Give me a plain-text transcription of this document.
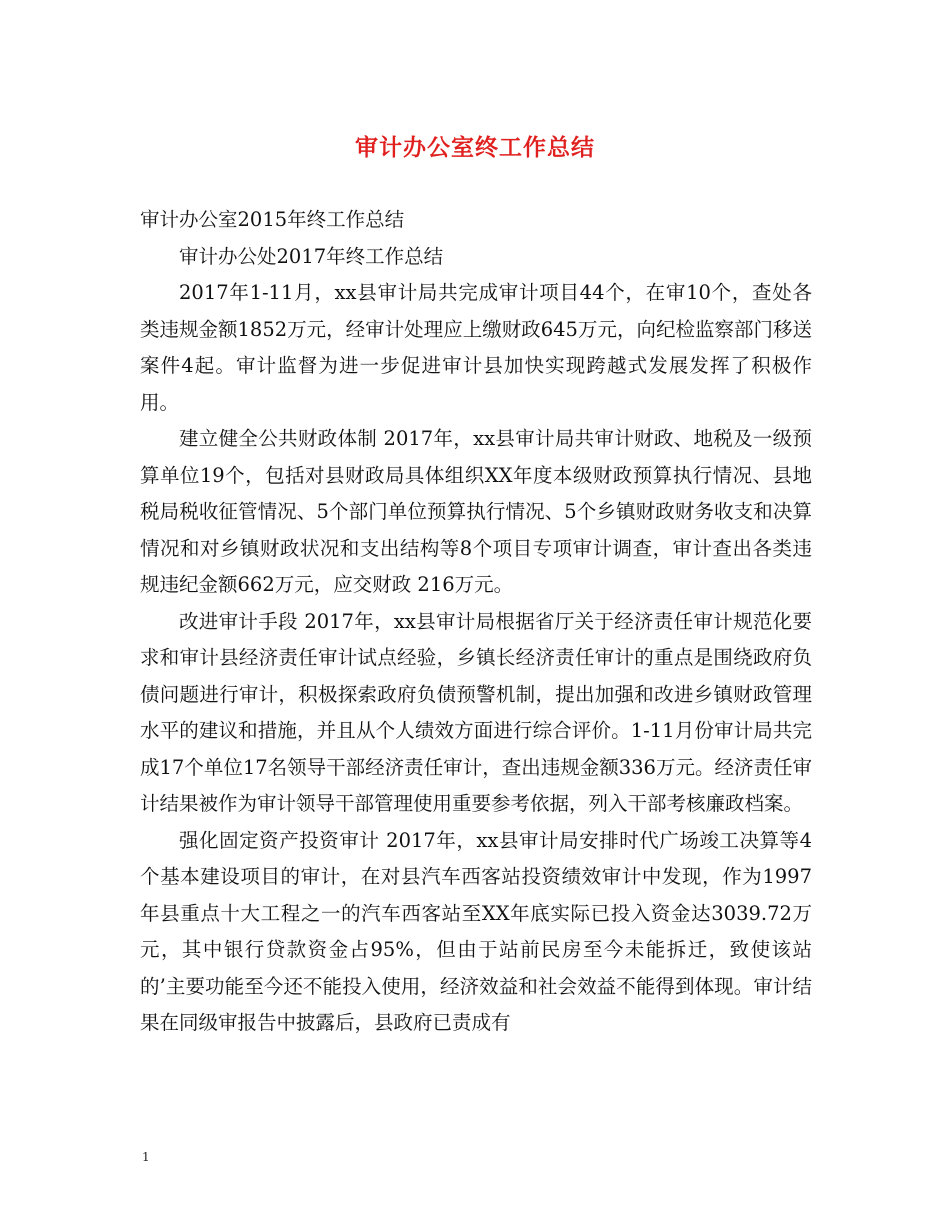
审计办公室终工作总结

审计办公室2015年终工作总结

审计办公处2017年终工作总结

2017年1-11月，xx县审计局共完成审计项目44个，在审10个，查处各类违规金额1852万元，经审计处理应上缴财政645万元，向纪检监察部门移送案件4起。审计监督为进一步促进审计县加快实现跨越式发展发挥了积极作用。

建立健全公共财政体制 2017年，xx县审计局共审计财政、地税及一级预算单位19个，包括对县财政局具体组织XX年度本级财政预算执行情况、县地税局税收征管情况、5个部门单位预算执行情况、5个乡镇财政财务收支和决算情况和对乡镇财政状况和支出结构等8个项目专项审计调查，审计查出各类违规违纪金额662万元，应交财政 216万元。

改进审计手段 2017年，xx县审计局根据省厅关于经济责任审计规范化要求和审计县经济责任审计试点经验，乡镇长经济责任审计的重点是围绕政府负债问题进行审计，积极探索政府负债预警机制，提出加强和改进乡镇财政管理水平的建议和措施，并且从个人绩效方面进行综合评价。1-11月份审计局共完成17个单位17名领导干部经济责任审计，查出违规金额336万元。经济责任审计结果被作为审计领导干部管理使用重要参考依据，列入干部考核廉政档案。

强化固定资产投资审计 2017年，xx县审计局安排时代广场竣工决算等4个基本建设项目的审计，在对县汽车西客站投资绩效审计中发现，作为1997年县重点十大工程之一的汽车西客站至XX年底实际已投入资金达3039.72万元，其中银行贷款资金占95%，但由于站前民房至今未能拆迁，致使该站的’主要功能至今还不能投入使用，经济效益和社会效益不能得到体现。审计结果在同级审报告中披露后，县政府已责成有

1
